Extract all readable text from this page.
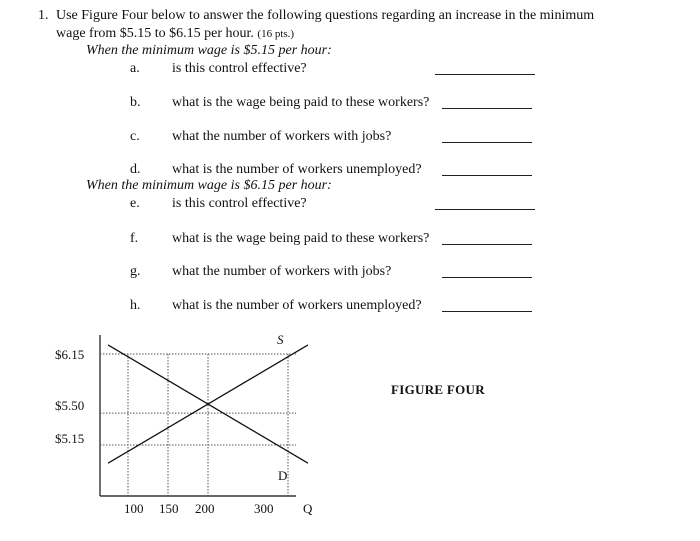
1. Use Figure Four below to answer the following questions regarding an increase in the minimum
wage from $5.15 to $6.15 per hour. (16 pts.)
When the minimum wage is $5.15 per hour:
a. is this control effective?
b. what is the wage being paid to these workers?
c. what the number of workers with jobs?
d. what is the number of workers unemployed?
When the minimum wage is $6.15 per hour:
e. is this control effective?
f. what is the wage being paid to these workers?
g. what the number of workers with jobs?
h. what is the number of workers unemployed?
$6.15
$5.50
$5.15
100 150 200	300 Q
S
D
FIGURE FOUR
